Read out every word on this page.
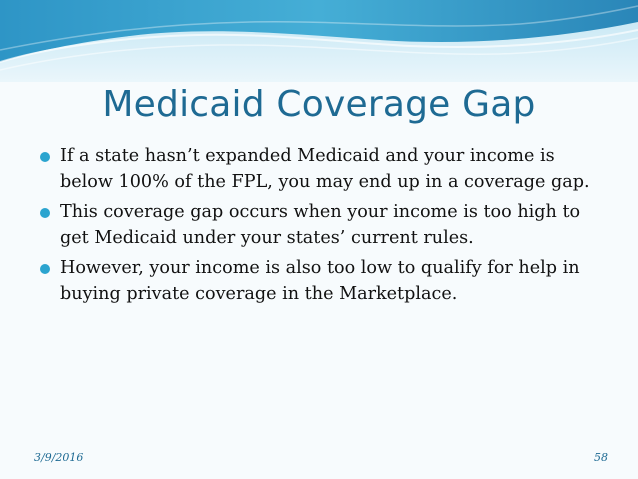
Medicaid Coverage Gap
If a state hasn’t expanded Medicaid and your income is below 100% of the FPL, you may end up in a coverage gap.
This coverage gap occurs when your income is too high to get Medicaid under your states’ current rules.
However, your income is also too low to qualify for help in buying private coverage in the Marketplace.
3/9/2016	58
